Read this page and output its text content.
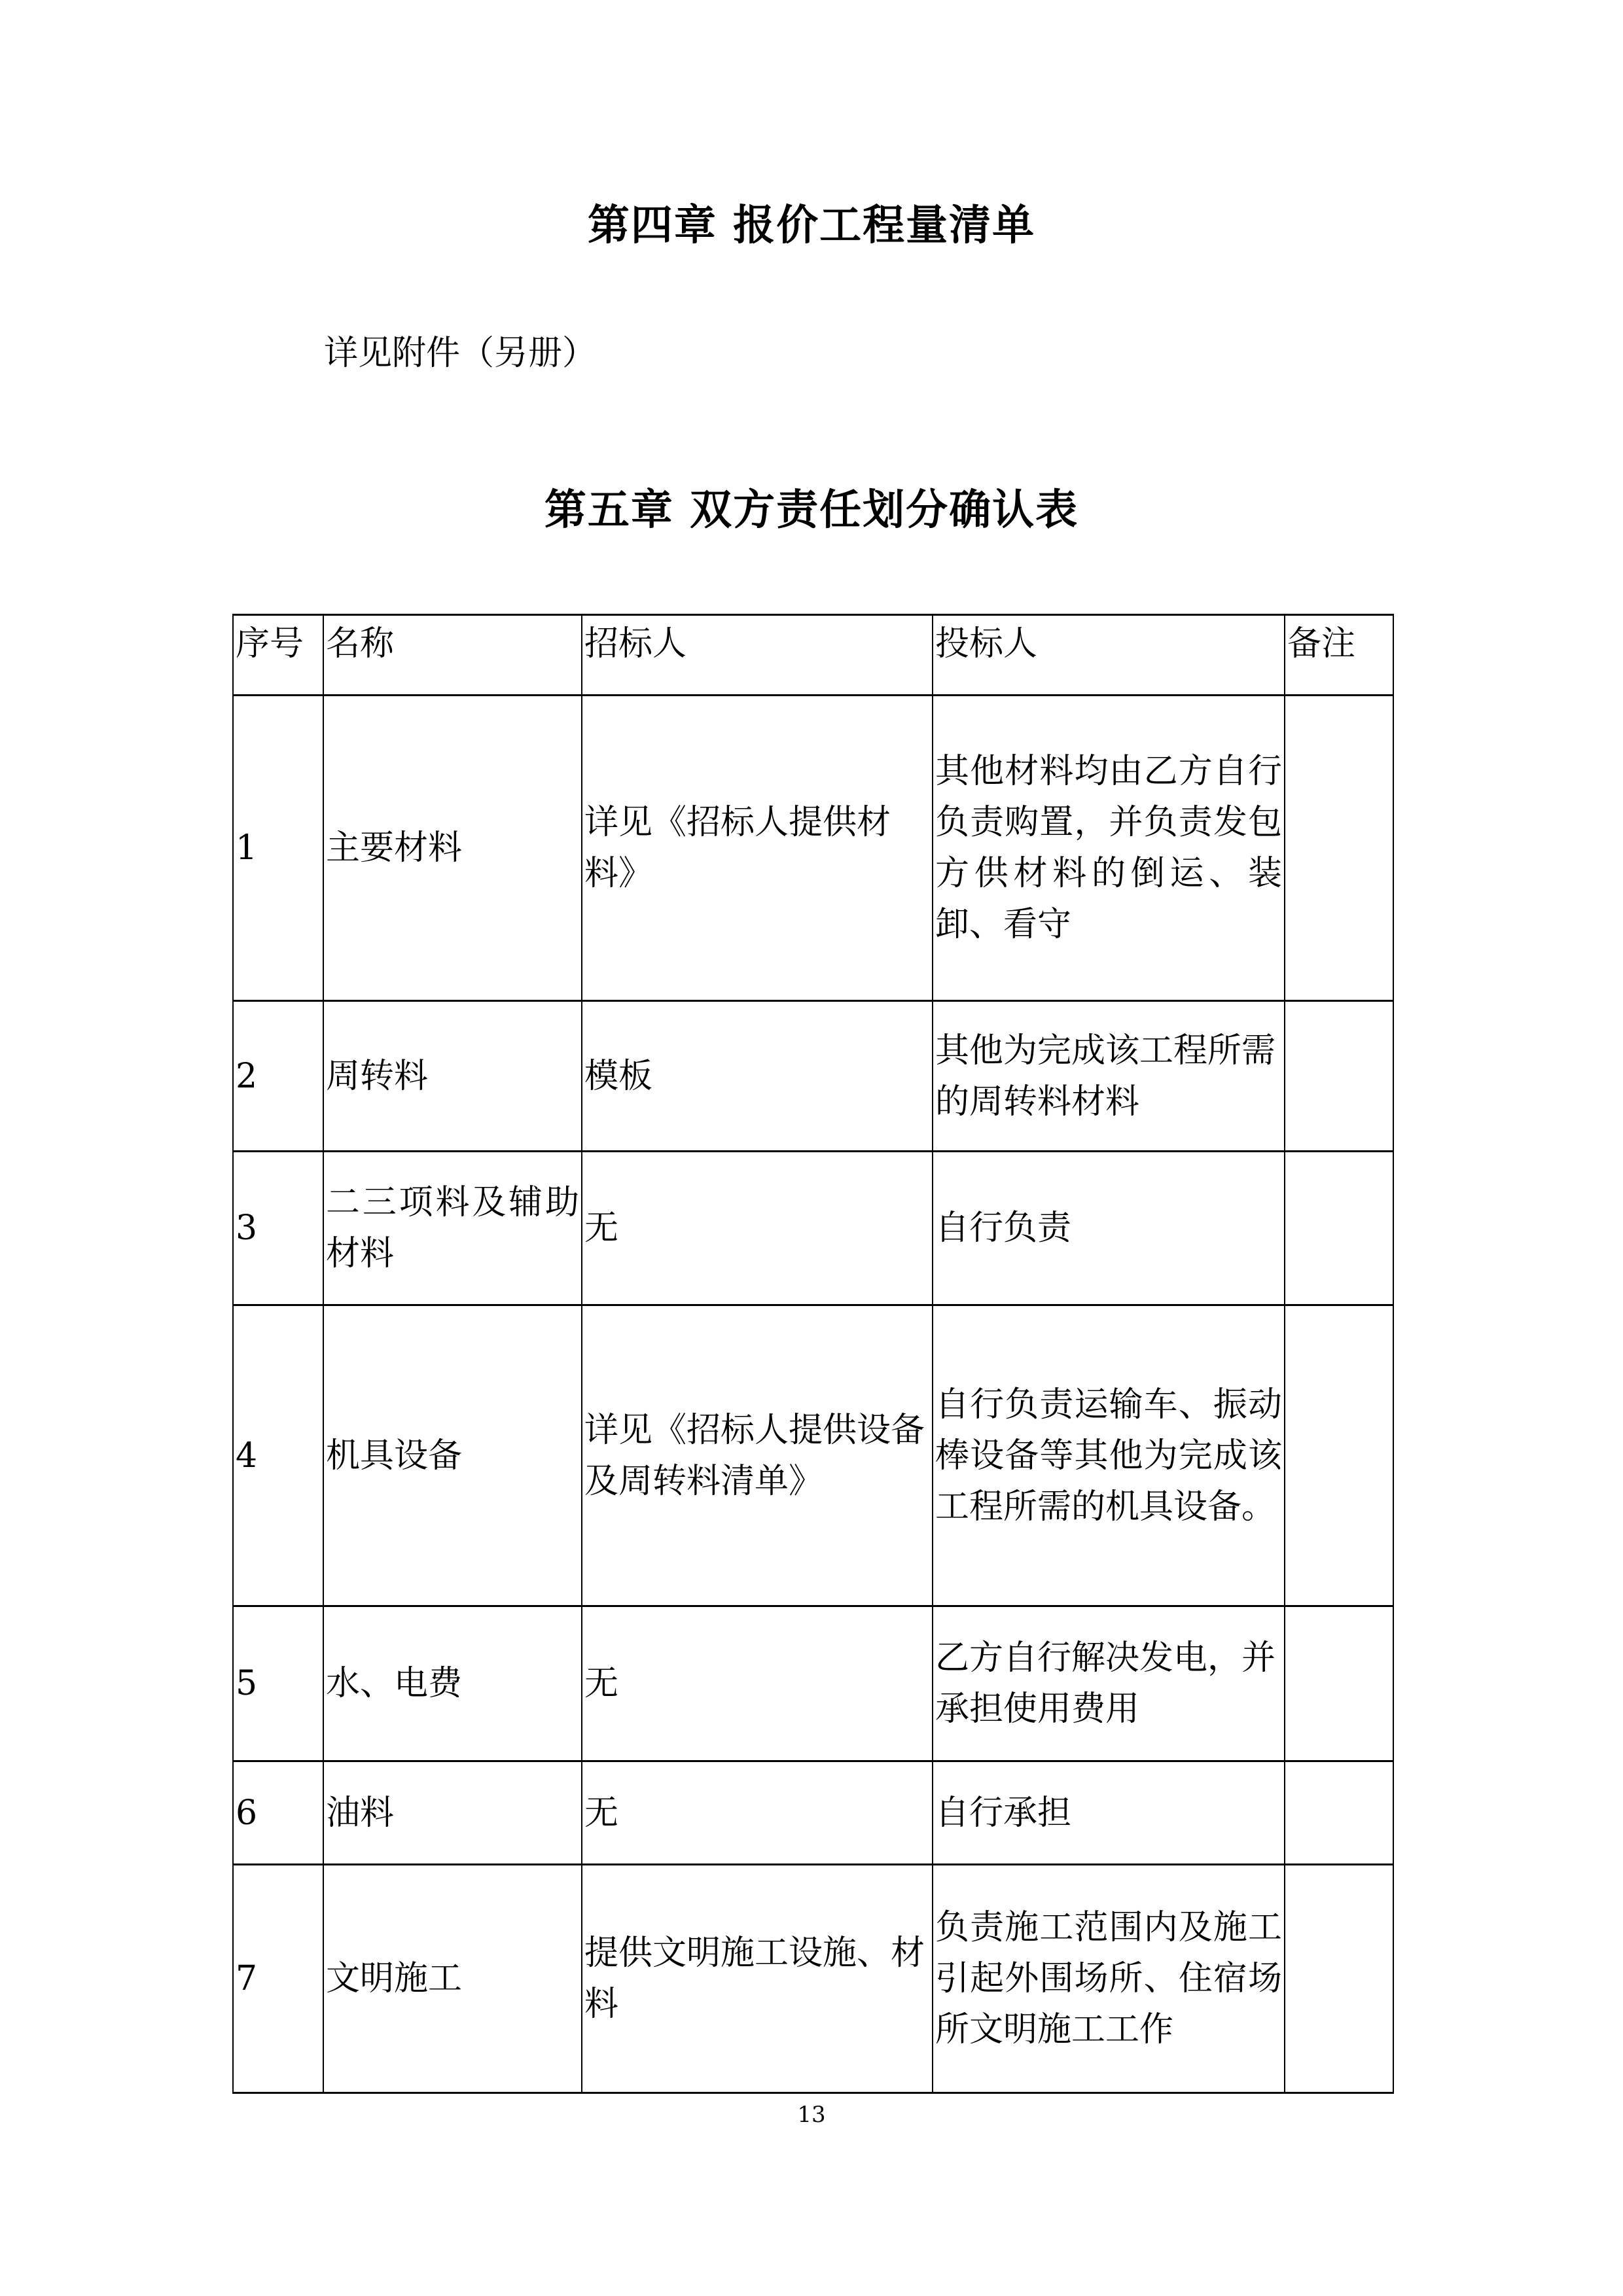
第四章 报价工程量清单
详见附件（另册）
第五章 双方责任划分确认表
序号	名称	招标人	投标人	备注
1	主要材料	详见《招标人提供材料》	其他材料均由乙方自行负责购置，并负责发包方供材料的倒运、装卸、看守	
2	周转料	模板	其他为完成该工程所需的周转料材料	
3	二三项料及辅助材料	无	自行负责	
4	机具设备	详见《招标人提供设备及周转料清单》	自行负责运输车、振动棒设备等其他为完成该工程所需的机具设备。	
5	水、电费	无	乙方自行解决发电，并承担使用费用	
6	油料	无	自行承担	
7	文明施工	提供文明施工设施、材料	负责施工范围内及施工引起外围场所、住宿场所文明施工工作	
13
